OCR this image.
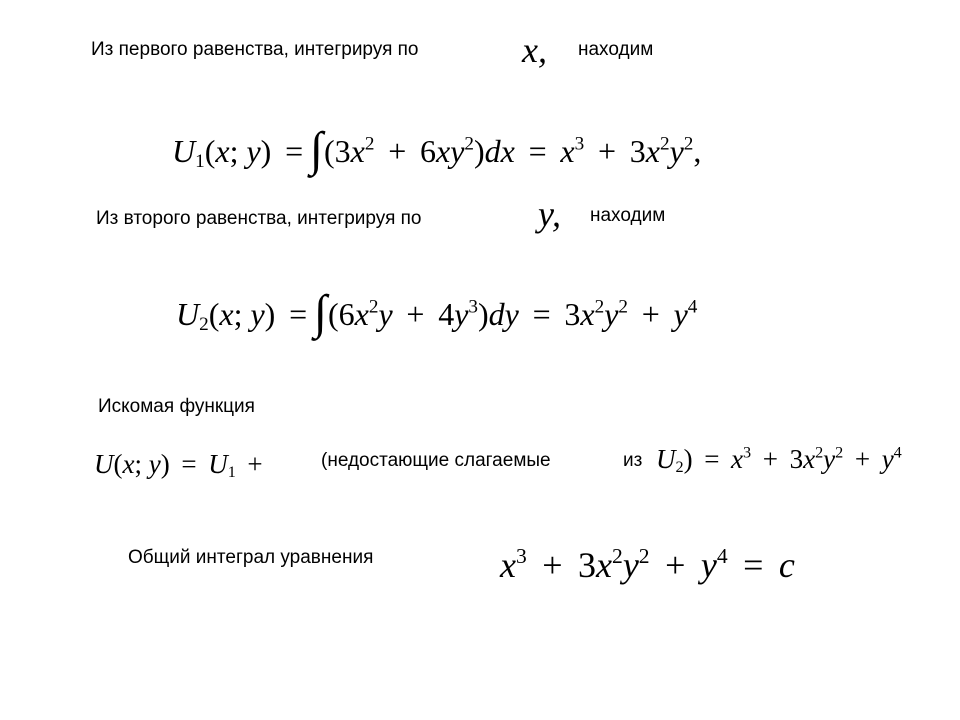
Из первого равенства, интегрируя по	x, находим
$U_1(x$; $y) = \int(3x^2 + 6xy^2)dx = x^3 + 3x^2y^2$,
Из второго равенства, интегрируя по	y, находим
$U_2(x$; $y) = \int(6x^2y + 4y^3)dy = 3x^2y^2 + y^4$
Искомая функция
U(x; $y) = U_1$ +	(недостающие слагаемые	из $U_2) = x^3 + 3x^2y^2 + y^4$
Общий интеграл уравнения	$x^3 + 3x^2y^2 + y^4 = c$
